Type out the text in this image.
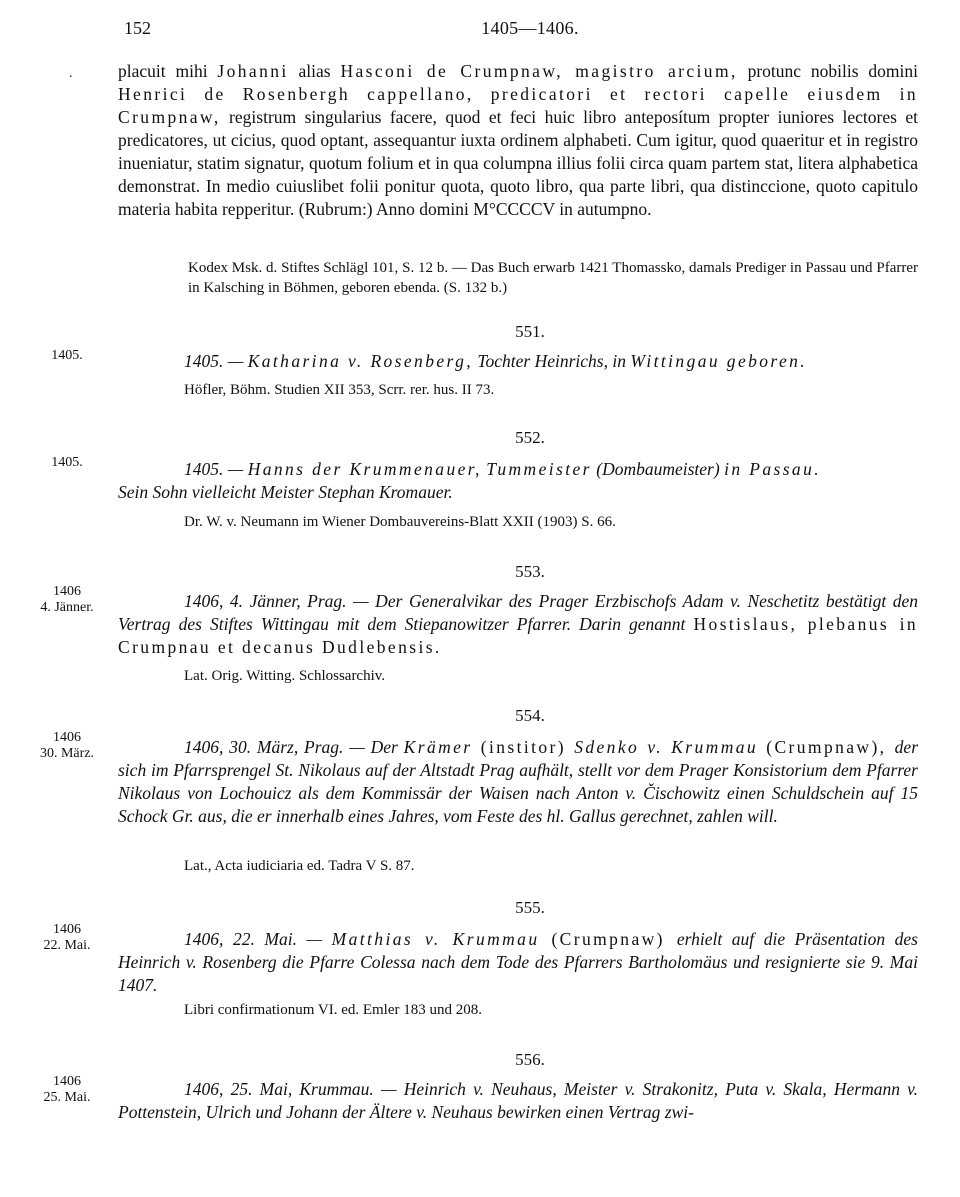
152	1405—1406.
.	placuit mihi Johanni alias Hasconi de Crumpnaw, magistro arcium, protunc nobilis domini Henrici de Rosenbergh cappellano, predicatori et rectori capelle eiusdem in Crumpnaw, registrum singularius facere, quod et feci huic libro anteposítum propter iuniores lectores et predicatores, ut cicius, quod optant, assequantur iuxta ordinem alphabeti. Cum igitur, quod quaeritur et in registro inueniatur, statim signatur, quotum folium et in qua columpna illius folii circa quam partem stat, litera alphabetica demonstrat. In medio cuiuslibet folii ponitur quota, quoto libro, qua parte libri, qua distinccione, quoto capitulo materia habita repperitur. (Rubrum:) Anno domini M°CCCCV in autumpno.

Kodex Msk. d. Stiftes Schlägl 101, S. 12 b. — Das Buch erwarb 1421 Thomassko, damals Prediger in Passau und Pfarrer in Kalsching in Böhmen, geboren ebenda. (S. 132 b.)
551.
1405.	1405. — Katharina v. Rosenberg, Tochter Heinrichs, in Wittingau geboren.
Höfler, Böhm. Studien XII 353, Scrr. rer. hus. II 73.
552.
1405.	1405. — Hanns der Krummenauer, Tummeister (Dombaumeister) in Passau.
Sein Sohn vielleicht Meister Stephan Kromauer.
Dr. W. v. Neumann im Wiener Dombauvereins-Blatt XXII (1903) S. 66.
553.
1406
4. Jänner.	1406, 4. Jänner, Prag. — Der Generalvikar des Prager Erzbischofs Adam v. Neschetitz bestätigt den Vertrag des Stiftes Wittingau mit dem Stiepanowitzer Pfarrer. Darin genannt Hostislaus, plebanus in Crumpnau et decanus Dudlebensis.
Lat. Orig. Witting. Schlossarchiv.
554.
1406
30. März.	1406, 30. März, Prag. — Der Krämer (institor) Sdenko v. Krummau (Crumpnaw), der sich im Pfarrsprengel St. Nikolaus auf der Altstadt Prag aufhält, stellt vor dem Prager Konsistorium dem Pfarrer Nikolaus von Lochouicz als dem Kommissär der Waisen nach Anton v. Čischowitz einen Schuldschein auf 15 Schock Gr. aus, die er innerhalb eines Jahres, vom Feste des hl. Gallus gerechnet, zahlen will.
Lat., Acta iudiciaria ed. Tadra V S. 87.
555.
1406
22. Mai.	1406, 22. Mai. — Matthias v. Krummau (Crumpnaw) erhielt auf die Präsentation des Heinrich v. Rosenberg die Pfarre Colessa nach dem Tode des Pfarrers Bartholomäus und resignierte sie 9. Mai 1407.
Libri confirmationum VI. ed. Emler 183 und 208.
556.
1406
25. Mai.	1406, 25. Mai, Krummau. — Heinrich v. Neuhaus, Meister v. Strakonitz, Puta v. Skala, Hermann v. Pottenstein, Ulrich und Johann der Ältere v. Neuhaus bewirken einen Vertrag zwi-
